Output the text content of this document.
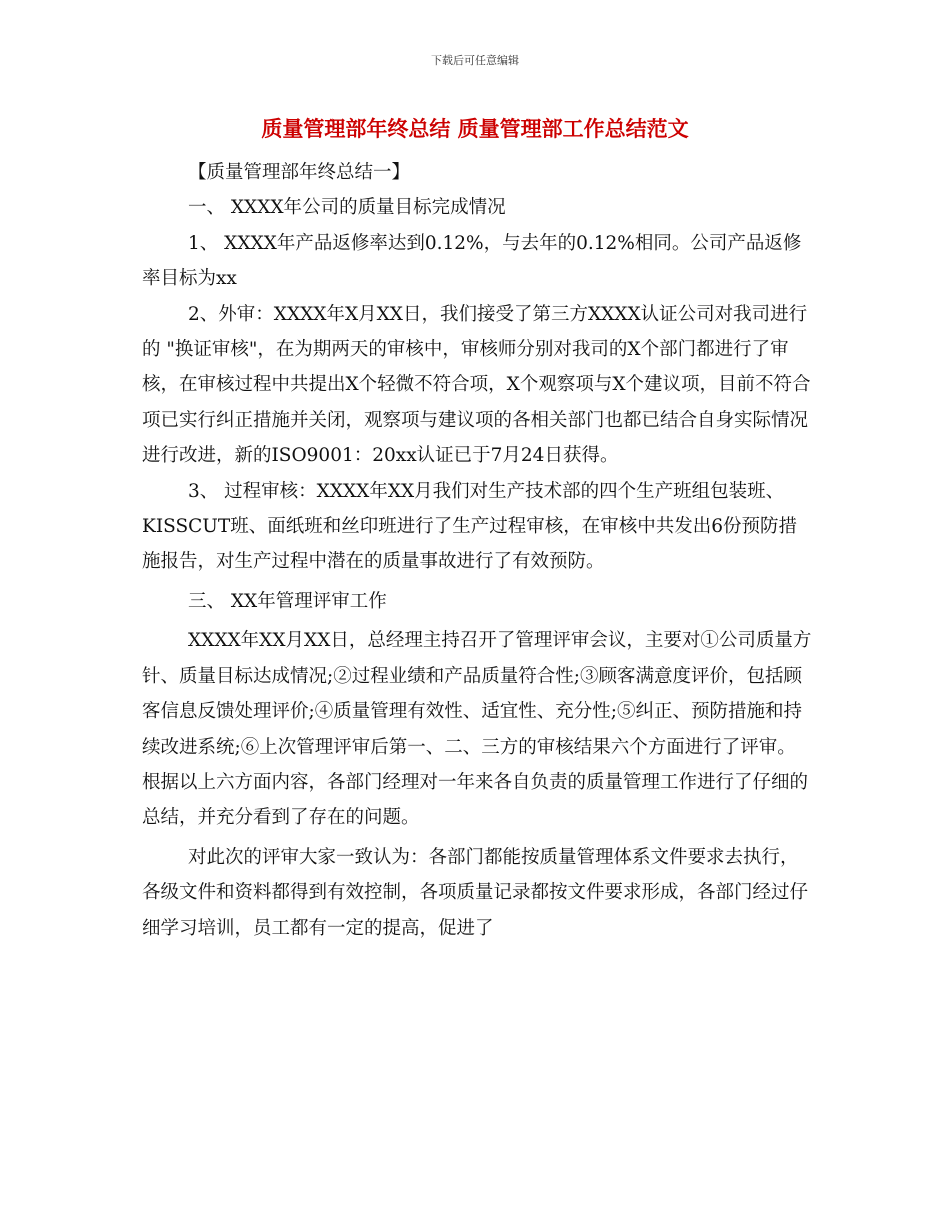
下载后可任意编辑
质量管理部年终总结 质量管理部工作总结范文

【质量管理部年终总结一】

一、 XXXX年公司的质量目标完成情况

1、 XXXX年产品返修率达到0.12%，与去年的0.12%相同。公司产品返修率目标为xx

2、外审：XXXX年X月XX日，我们接受了第三方XXXX认证公司对我司进行的 "换证审核"，在为期两天的审核中，审核师分别对我司的X个部门都进行了审核，在审核过程中共提出X个轻微不符合项，X个观察项与X个建议项，目前不符合项已实行纠正措施并关闭，观察项与建议项的各相关部门也都已结合自身实际情况进行改进，新的ISO9001：20xx认证已于7月24日获得。

3、 过程审核：XXXX年XX月我们对生产技术部的四个生产班组包装班、KISSCUT班、面纸班和丝印班进行了生产过程审核，在审核中共发出6份预防措施报告，对生产过程中潜在的质量事故进行了有效预防。

三、 XX年管理评审工作

XXXX年XX月XX日，总经理主持召开了管理评审会议，主要对①公司质量方针、质量目标达成情况;②过程业绩和产品质量符合性;③顾客满意度评价，包括顾客信息反馈处理评价;④质量管理有效性、适宜性、充分性;⑤纠正、预防措施和持续改进系统;⑥上次管理评审后第一、二、三方的审核结果六个方面进行了评审。根据以上六方面内容，各部门经理对一年来各自负责的质量管理工作进行了仔细的总结，并充分看到了存在的问题。

对此次的评审大家一致认为：各部门都能按质量管理体系文件要求去执行，各级文件和资料都得到有效控制，各项质量记录都按文件要求形成，各部门经过仔细学习培训，员工都有一定的提高，促进了
